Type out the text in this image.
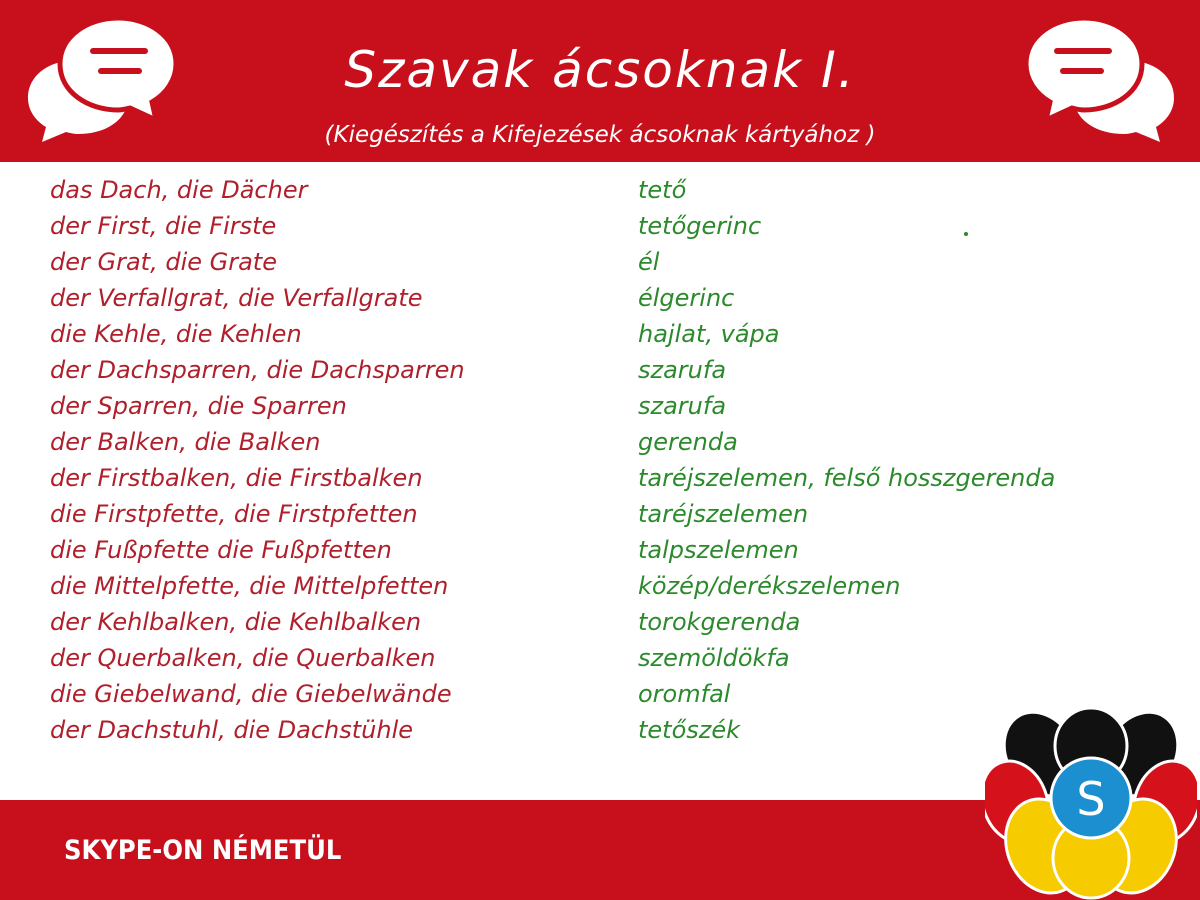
Szavak ácsoknak I.

(Kiegészítés a Kifejezések ácsoknak kártyához )

das Dach, die Dächer	tető
der First, die Firste	tetőgerinc
der Grat, die Grate	él
der Verfallgrat, die Verfallgrate	élgerinc
die Kehle, die Kehlen	hajlat, vápa
der Dachsparren, die Dachsparren	szarufa
der Sparren, die Sparren	szarufa
der Balken, die Balken	gerenda
der Firstbalken, die Firstbalken	taréjszelemen, felső hosszgerenda
die Firstpfette, die Firstpfetten	taréjszelemen
die Fußpfette die Fußpfetten	talpszelemen
die Mittelpfette, die Mittelpfetten	közép/derékszelemen
der Kehlbalken, die Kehlbalken	torokgerenda
der Querbalken, die Querbalken	szemöldökfa
die Giebelwand, die Giebelwände	oromfal
der Dachstuhl, die Dachstühle	tetőszék
SKYPE-ON NÉMETÜL
S
